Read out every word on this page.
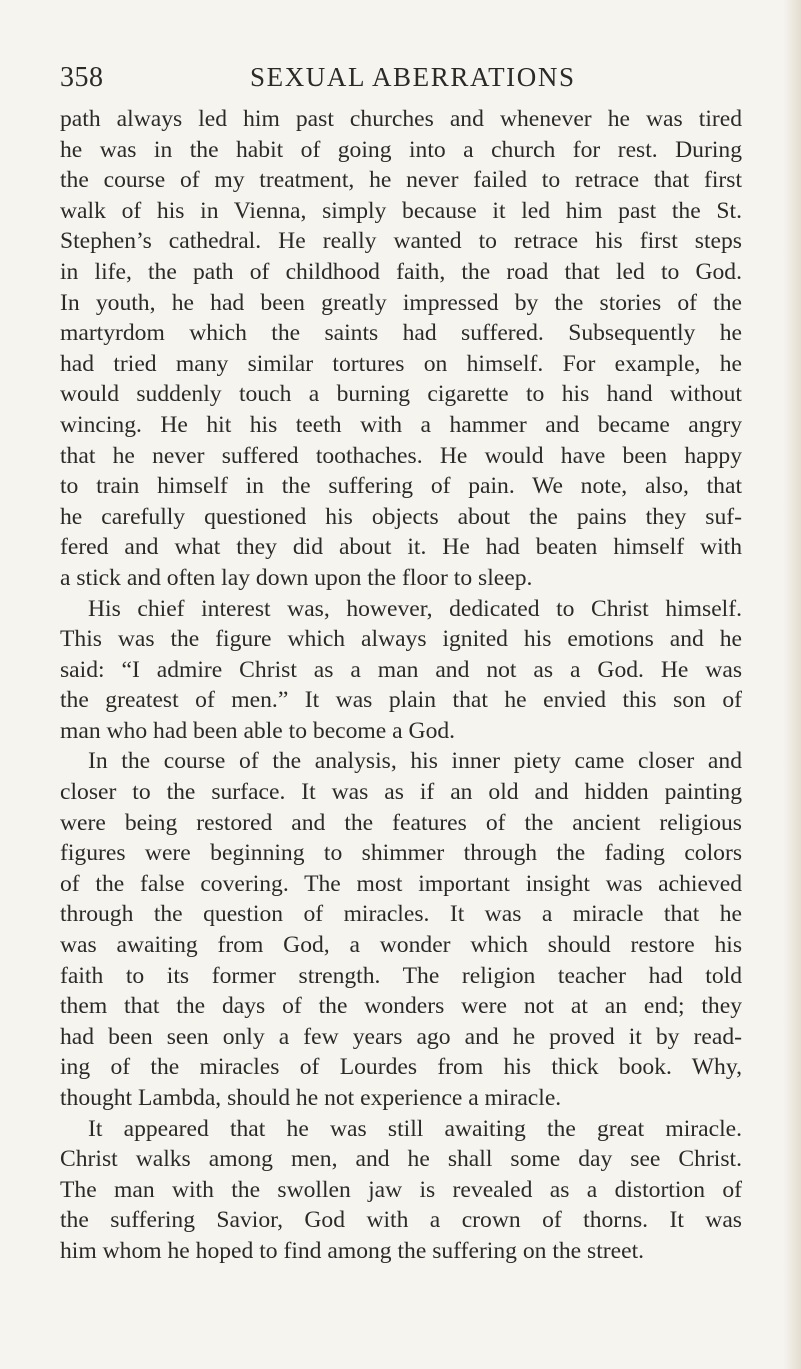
358	SEXUAL ABERRATIONS
path always led him past churches and whenever he was tired
he was in the habit of going into a church for rest. During
the course of my treatment, he never failed to retrace that first
walk of his in Vienna, simply because it led him past the St.
Stephen’s cathedral. He really wanted to retrace his first steps
in life, the path of childhood faith, the road that led to God.
In youth, he had been greatly impressed by the stories of the
martyrdom which the saints had suffered. Subsequently he
had tried many similar tortures on himself. For example, he
would suddenly touch a burning cigarette to his hand without
wincing. He hit his teeth with a hammer and became angry
that he never suffered toothaches. He would have been happy
to train himself in the suffering of pain. We note, also, that
he carefully questioned his objects about the pains they suf-
fered and what they did about it. He had beaten himself with
a stick and often lay down upon the floor to sleep.
His chief interest was, however, dedicated to Christ himself.
This was the figure which always ignited his emotions and he
said: “I admire Christ as a man and not as a God. He was
the greatest of men.” It was plain that he envied this son of
man who had been able to become a God.
In the course of the analysis, his inner piety came closer and
closer to the surface. It was as if an old and hidden painting
were being restored and the features of the ancient religious
figures were beginning to shimmer through the fading colors
of the false covering. The most important insight was achieved
through the question of miracles. It was a miracle that he
was awaiting from God, a wonder which should restore his
faith to its former strength. The religion teacher had told
them that the days of the wonders were not at an end; they
had been seen only a few years ago and he proved it by read-
ing of the miracles of Lourdes from his thick book. Why,
thought Lambda, should he not experience a miracle.
It appeared that he was still awaiting the great miracle.
Christ walks among men, and he shall some day see Christ.
The man with the swollen jaw is revealed as a distortion of
the suffering Savior, God with a crown of thorns. It was
him whom he hoped to find among the suffering on the street.
